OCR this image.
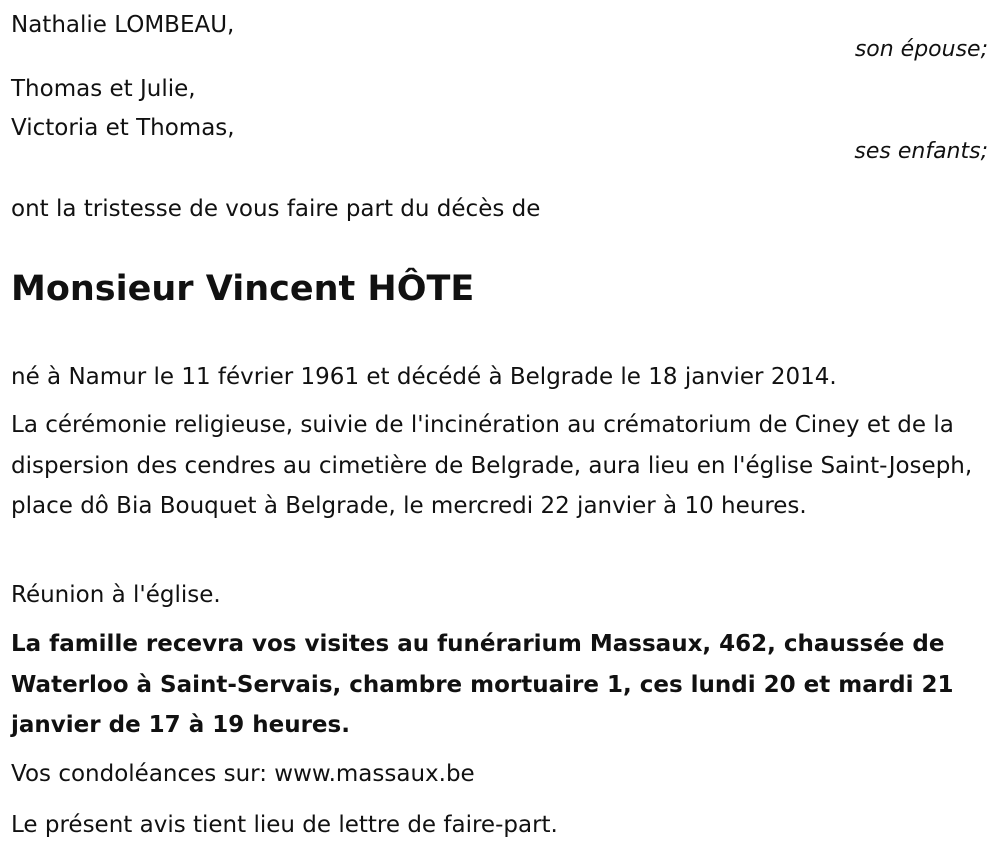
Nathalie LOMBEAU,

son épouse;

Thomas et Julie,

Victoria et Thomas,

ses enfants;

ont la tristesse de vous faire part du décès de

Monsieur Vincent HÔTE

né à Namur le 11 février 1961 et décédé à Belgrade le 18 janvier 2014.

La cérémonie religieuse, suivie de l'incinération au crématorium de Ciney et de la dispersion des cendres au cimetière de Belgrade, aura lieu en l'église Saint-Joseph, place dô Bia Bouquet à Belgrade, le mercredi 22 janvier à 10 heures.

Réunion à l'église.

La famille recevra vos visites au funérarium Massaux, 462, chaussée de Waterloo à Saint-Servais, chambre mortuaire 1, ces lundi 20 et mardi 21 janvier de 17 à 19 heures.

Vos condoléances sur: www.massaux.be

Le présent avis tient lieu de lettre de faire-part.
